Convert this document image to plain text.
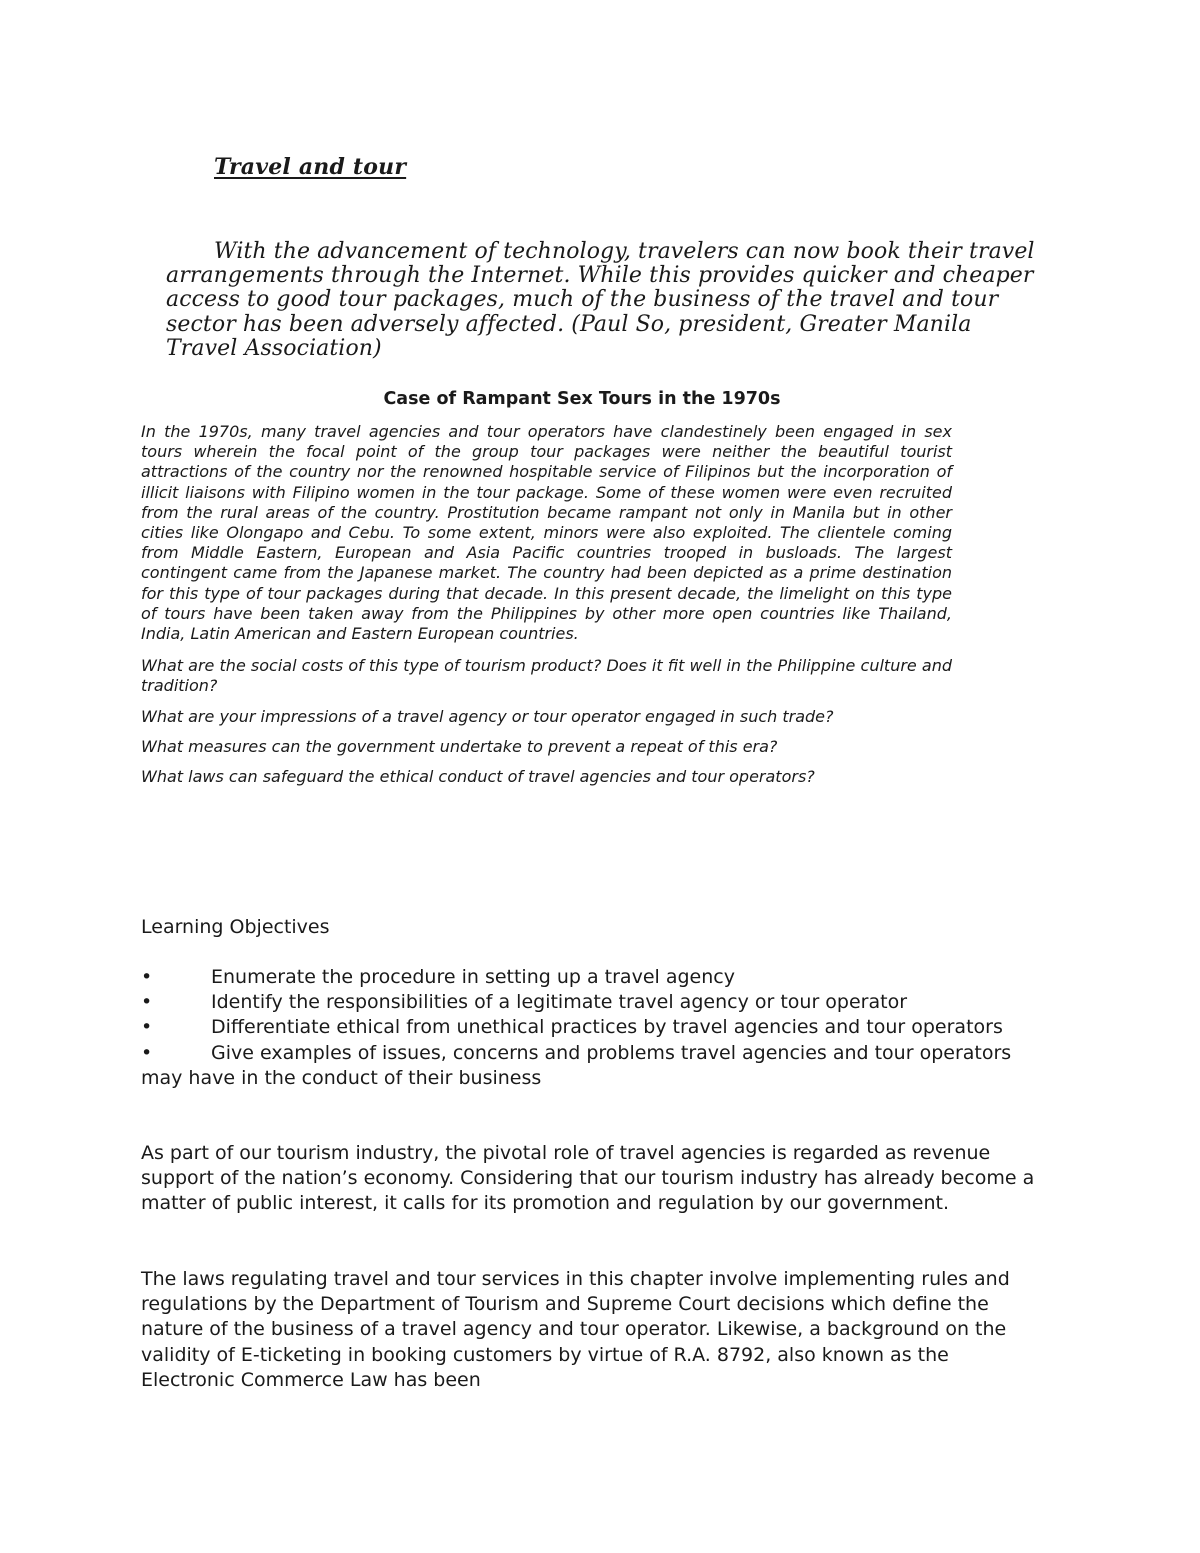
Travel and tour

With the advancement of technology, travelers can now book their travel arrangements through the Internet. While this provides quicker and cheaper access to good tour packages, much of the business of the travel and tour sector has been adversely affected. (Paul So, president, Greater Manila Travel Association)

Case of Rampant Sex Tours in the 1970s

In the 1970s, many travel agencies and tour operators have clandestinely been engaged in sex tours wherein the focal point of the group tour packages were neither the beautiful tourist attractions of the country nor the renowned hospitable service of Filipinos but the incorporation of illicit liaisons with Filipino women in the tour package. Some of these women were even recruited from the rural areas of the country. Prostitution became rampant not only in Manila but in other cities like Olongapo and Cebu. To some extent, minors were also exploited. The clientele coming from Middle Eastern, European and Asia Pacific countries trooped in busloads. The largest contingent came from the Japanese market. The country had been depicted as a prime destination for this type of tour packages during that decade. In this present decade, the limelight on this type of tours have been taken away from the Philippines by other more open countries like Thailand, India, Latin American and Eastern European countries.

What are the social costs of this type of tourism product? Does it fit well in the Philippine culture and tradition?

What are your impressions of a travel agency or tour operator engaged in such trade?

What measures can the government undertake to prevent a repeat of this era?

What laws can safeguard the ethical conduct of travel agencies and tour operators?

Learning Objectives

•	Enumerate the procedure in setting up a travel agency
•	Identify the responsibilities of a legitimate travel agency or tour operator
•	Differentiate ethical from unethical practices by travel agencies and tour operators
•	Give examples of issues, concerns and problems travel agencies and tour operators may have in the conduct of their business

As part of our tourism industry, the pivotal role of travel agencies is regarded as revenue support of the nation’s economy. Considering that our tourism industry has already become a matter of public interest, it calls for its promotion and regulation by our government.

The laws regulating travel and tour services in this chapter involve implementing rules and regulations by the Department of Tourism and Supreme Court decisions which define the nature of the business of a travel agency and tour operator. Likewise, a background on the validity of E-ticketing in booking customers by virtue of R.A. 8792, also known as the Electronic Commerce Law has been
